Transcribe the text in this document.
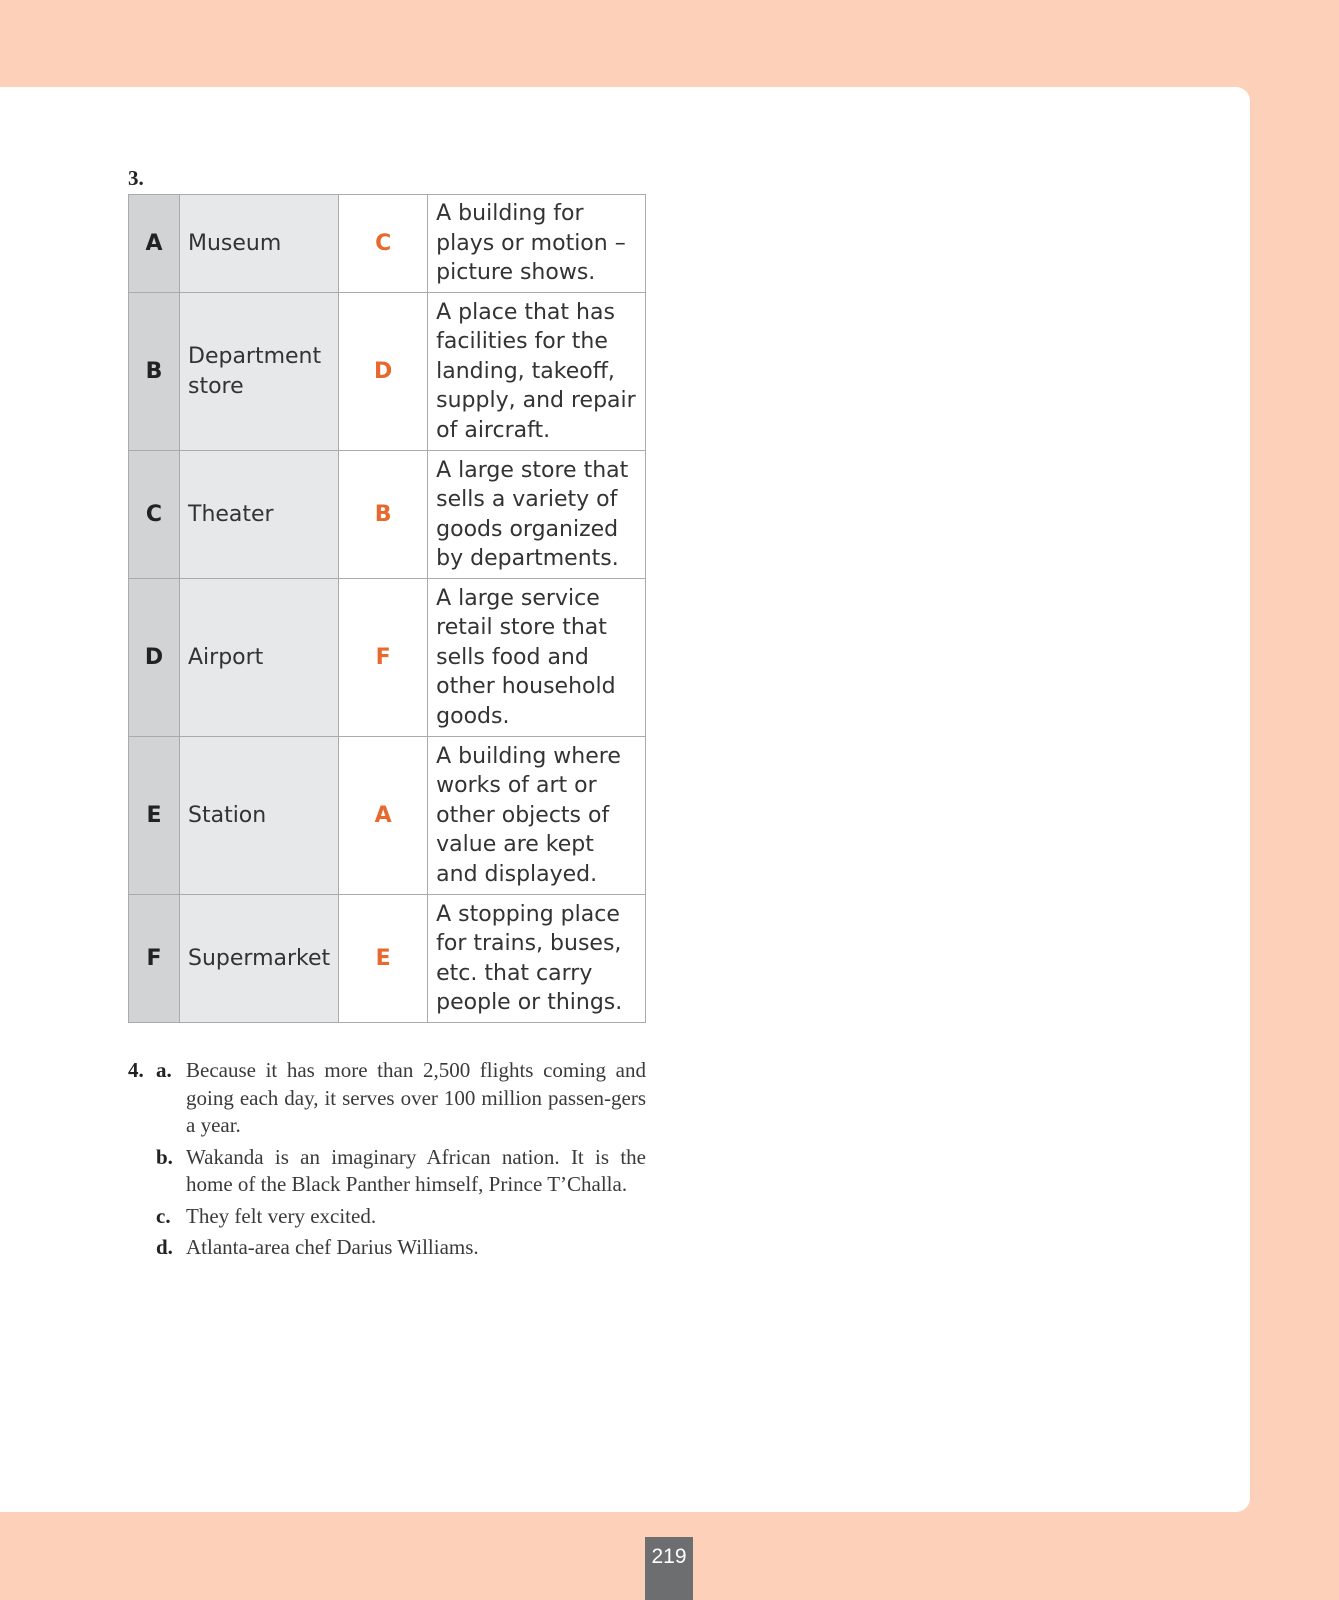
3.
A	Museum	C	A building for plays or motion – picture shows.
B	Department store	D	A place that has facilities for the landing, takeoff, supply, and repair of aircraft.
C	Theater	B	A large store that sells a variety of goods organized by departments.
D	Airport	F	A large service retail store that sells food and other household goods.
E	Station	A	A building where works of art or other objects of value are kept and displayed.
F	Supermarket	E	A stopping place for trains, buses, etc. that carry people or things.
4. a. Because it has more than 2,500 flights coming and going each day, it serves over 100 million passen-gers a year.
b. Wakanda is an imaginary African nation. It is the home of the Black Panther himself, Prince T’Challa.
c. They felt very excited.
d. Atlanta-area chef Darius Williams.
219
